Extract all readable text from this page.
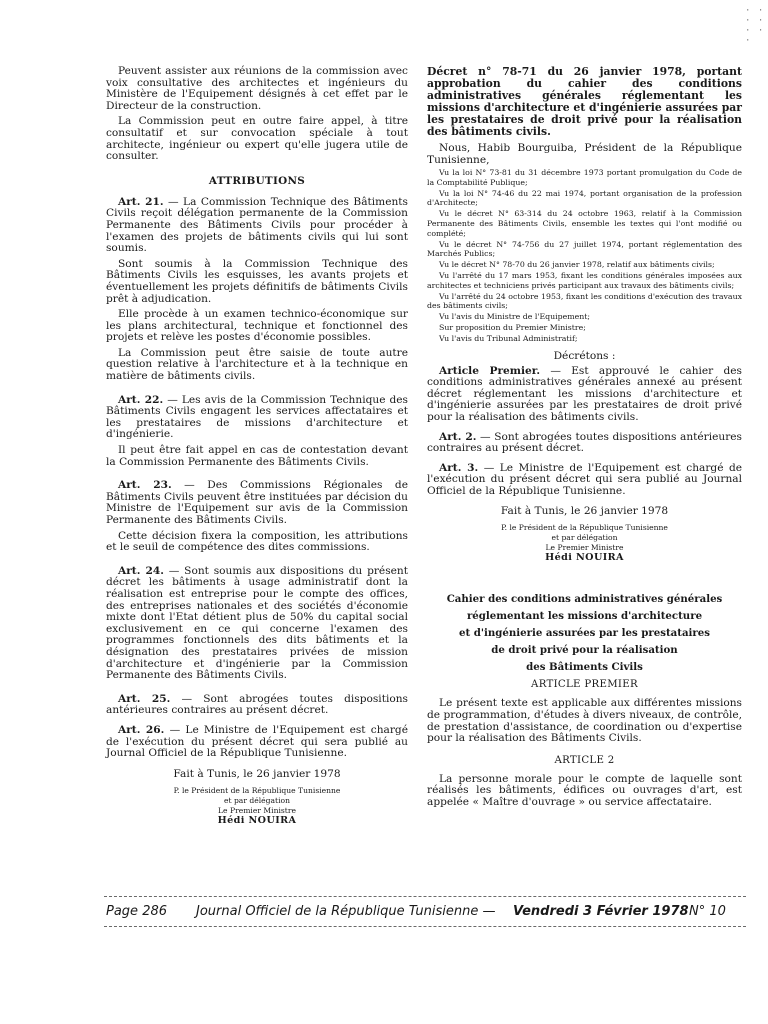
· · · · · · ·

Peuvent assister aux réunions de la commission avec voix consultative des architectes et ingénieurs du Ministère de l'Equipement désignés à cet effet par le Directeur de la construction.

La Commission peut en outre faire appel, à titre consultatif et sur convocation spéciale à tout architecte, ingénieur ou expert qu'elle jugera utile de consulter.

ATTRIBUTIONS

Art. 21. — La Commission Technique des Bâtiments Civils reçoit délégation permanente de la Commission Permanente des Bâtiments Civils pour procéder à l'examen des projets de bâtiments civils qui lui sont soumis.

Sont soumis à la Commission Technique des Bâtiments Civils les esquisses, les avants projets et éventuellement les projets définitifs de bâtiments Civils prêt à adjudication.

Elle procède à un examen technico-économique sur les plans architectural, technique et fonctionnel des projets et relève les postes d'économie possibles.

La Commission peut être saisie de toute autre question relative à l'architecture et à la technique en matière de bâtiments civils.

Art. 22. — Les avis de la Commission Technique des Bâtiments Civils engagent les services affectataires et les prestataires de missions d'architecture et d'ingénierie.

Il peut être fait appel en cas de contestation devant la Commission Permanente des Bâtiments Civils.

Art. 23. — Des Commissions Régionales de Bâtiments Civils peuvent être instituées par décision du Ministre de l'Equipement sur avis de la Commission Permanente des Bâtiments Civils.

Cette décision fixera la composition, les attributions et le seuil de compétence des dites commissions.

Art. 24. — Sont soumis aux dispositions du présent décret les bâtiments à usage administratif dont la réalisation est entreprise pour le compte des offices, des entreprises nationales et des sociétés d'économie mixte dont l'Etat détient plus de 50% du capital social exclusivement en ce qui concerne l'examen des programmes fonctionnels des dits bâtiments et la désignation des prestataires privées de mission d'architecture et d'ingénierie par la Commission Permanente des Bâtiments Civils.

Art. 25. — Sont abrogées toutes dispositions antérieures contraires au présent décret.

Art. 26. — Le Ministre de l'Equipement est chargé de l'exécution du présent décret qui sera publié au Journal Officiel de la République Tunisienne.

Fait à Tunis, le 26 janvier 1978
P. le Président de la République Tunisienne
et par délégation
Le Premier Ministre
Hédi NOUIRA

Décret n° 78-71 du 26 janvier 1978, portant approbation du cahier des conditions administratives générales réglementant les missions d'architecture et d'ingénierie assurées par les prestataires de droit privé pour la réalisation des bâtiments civils.

Nous, Habib Bourguiba, Président de la République Tunisienne,

Vu la loi N° 73-81 du 31 décembre 1973 portant promulgation du Code de la Comptabilité Publique;

Vu la loi N° 74-46 du 22 mai 1974, portant organisation de la profession d'Architecte;

Vu le décret N° 63-314 du 24 octobre 1963, relatif à la Commission Permanente des Bâtiments Civils, ensemble les textes qui l'ont modifié ou complété;

Vu le décret N° 74-756 du 27 juillet 1974, portant réglementation des Marchés Publics;

Vu le décret N° 78-70 du 26 janvier 1978, relatif aux bâtiments civils;

Vu l'arrêté du 17 mars 1953, fixant les conditions générales imposées aux architectes et techniciens privés participant aux travaux des bâtiments civils;

Vu l'arrêté du 24 octobre 1953, fixant les conditions d'exécution des travaux des bâtiments civils;

Vu l'avis du Ministre de l'Equipement;

Sur proposition du Premier Ministre;

Vu l'avis du Tribunal Administratif;

Décrétons :

Article Premier. — Est approuvé le cahier des conditions administratives générales annexé au présent décret réglementant les missions d'architecture et d'ingénierie assurées par les prestataires de droit privé pour la réalisation des bâtiments civils.

Art. 2. — Sont abrogées toutes dispositions antérieures contraires au présent décret.

Art. 3. — Le Ministre de l'Equipement est chargé de l'exécution du présent décret qui sera publié au Journal Officiel de la République Tunisienne.

Fait à Tunis, le 26 janvier 1978
P. le Président de la République Tunisienne
et par délégation
Le Premier Ministre
Hédi NOUIRA
Cahier des conditions administratives générales
réglementant les missions d'architecture
et d'ingénierie assurées par les prestataires
de droit privé pour la réalisation
des Bâtiments Civils
ARTICLE PREMIER

Le présent texte est applicable aux différentes missions de programmation, d'études à divers niveaux, de contrôle, de prestation d'assistance, de coordination ou d'expertise pour la réalisation des Bâtiments Civils.

ARTICLE 2

La personne morale pour le compte de laquelle sont réalisés les bâtiments, édifices ou ouvrages d'art, est appelée « Maître d'ouvrage » ou service affectataire.

Page 286 Journal Officiel de la République Tunisienne — Vendredi 3 Février 1978 N° 10
